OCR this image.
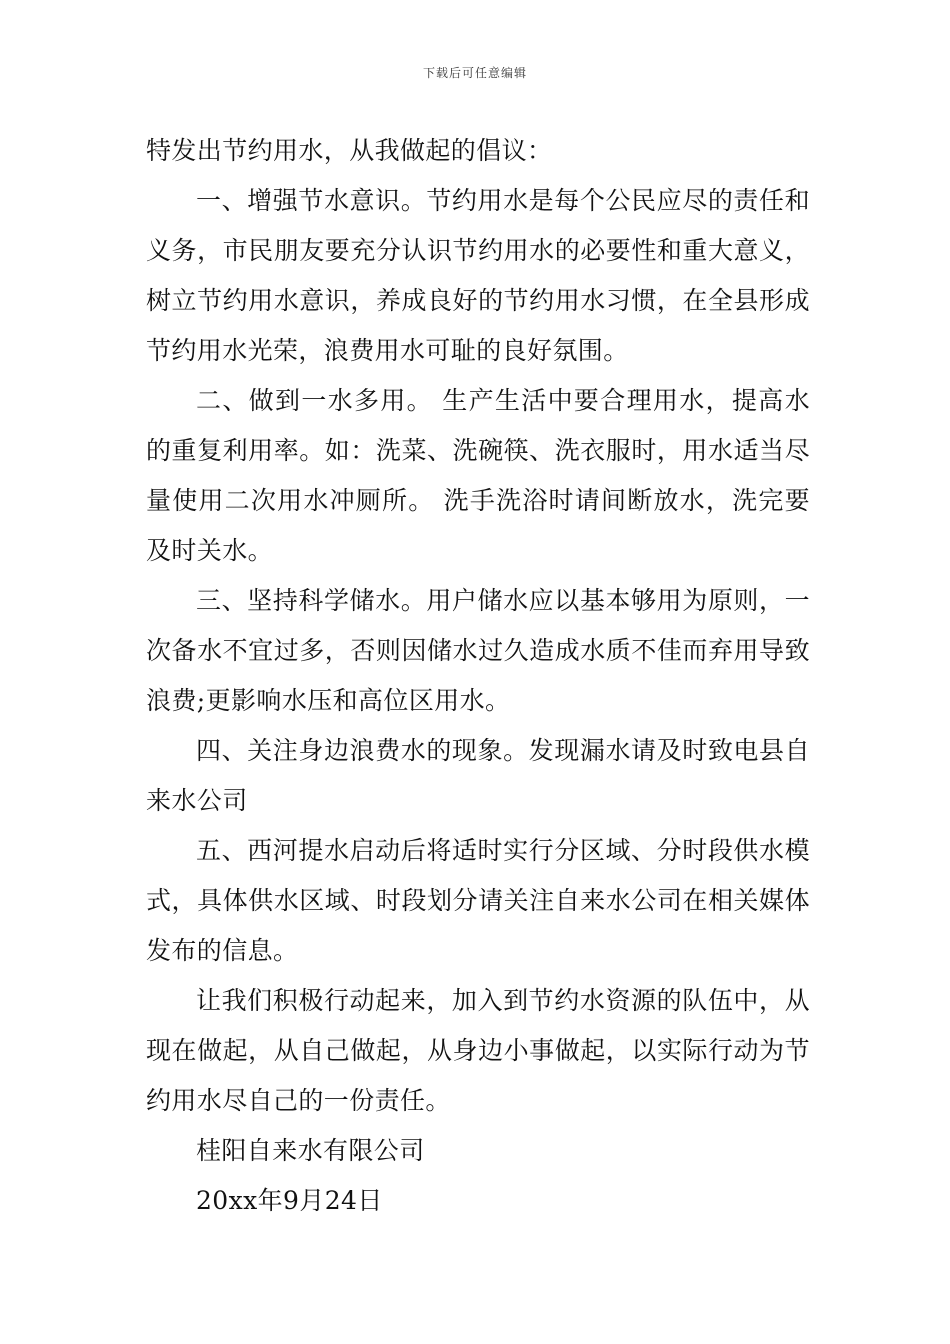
下载后可任意编辑

特发出节约用水，从我做起的倡议：

一、增强节水意识。节约用水是每个公民应尽的责任和义务，市民朋友要充分认识节约用水的必要性和重大意义，树立节约用水意识，养成良好的节约用水习惯，在全县形成节约用水光荣，浪费用水可耻的良好氛围。

二、做到一水多用。 生产生活中要合理用水，提高水的重复利用率。如：洗菜、洗碗筷、洗衣服时，用水适当尽量使用二次用水冲厕所。 洗手洗浴时请间断放水，洗完要及时关水。

三、坚持科学储水。用户储水应以基本够用为原则，一次备水不宜过多，否则因储水过久造成水质不佳而弃用导致浪费;更影响水压和高位区用水。

四、关注身边浪费水的现象。发现漏水请及时致电县自来水公司

五、西河提水启动后将适时实行分区域、分时段供水模式，具体供水区域、时段划分请关注自来水公司在相关媒体发布的信息。

让我们积极行动起来，加入到节约水资源的队伍中，从现在做起，从自己做起，从身边小事做起，以实际行动为节约用水尽自己的一份责任。

桂阳自来水有限公司

20xx年9月24日
